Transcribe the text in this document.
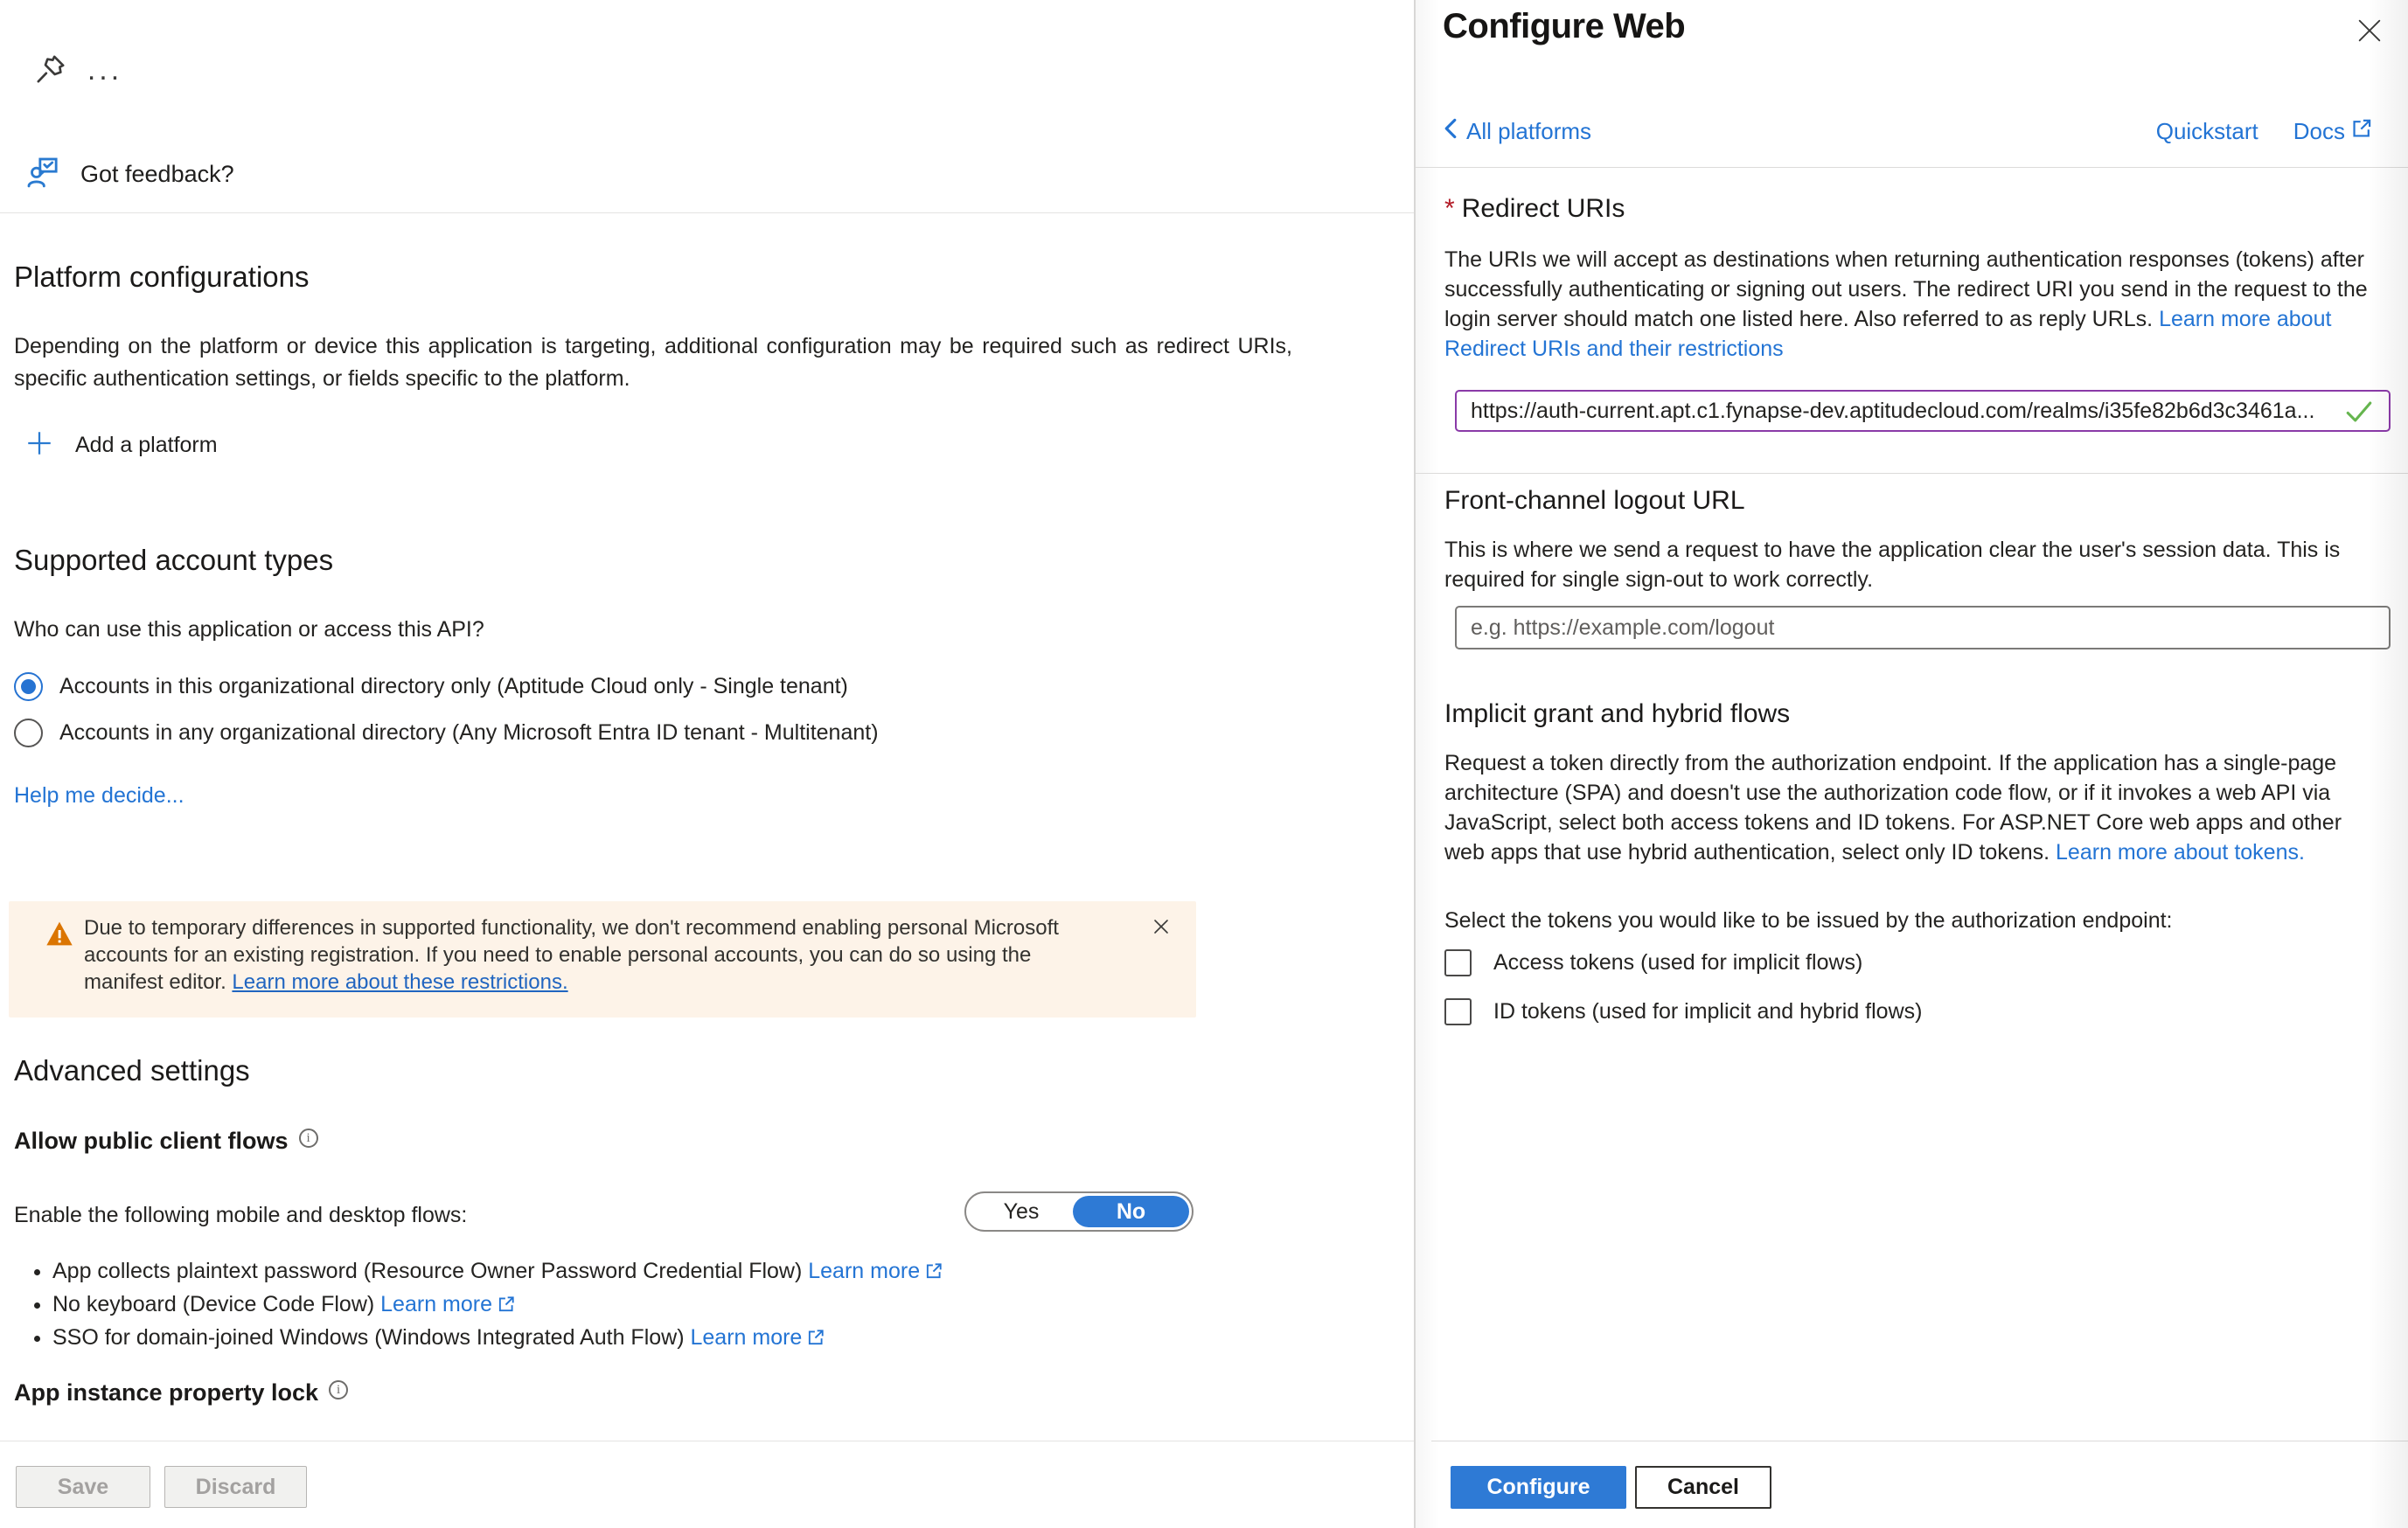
...
Got feedback?
Platform configurations
Depending on the platform or device this application is targeting, additional configuration may be required such as redirect URIs, specific authentication settings, or fields specific to the platform.
Add a platform
Supported account types
Who can use this application or access this API?
Accounts in this organizational directory only (Aptitude Cloud only - Single tenant)
Accounts in any organizational directory (Any Microsoft Entra ID tenant - Multitenant)
Help me decide...
Due to temporary differences in supported functionality, we don't recommend enabling personal Microsoft accounts for an existing registration. If you need to enable personal accounts, you can do so using the manifest editor. Learn more about these restrictions.
Advanced settings
Allow public client flows	i
Enable the following mobile and desktop flows:	Yes	No
• App collects plaintext password (Resource Owner Password Credential Flow) Learn more
• No keyboard (Device Code Flow) Learn more
• SSO for domain-joined Windows (Windows Integrated Auth Flow) Learn more
App instance property lock	i
Save	Discard
Configure Web
All platforms	Quickstart Docs
* Redirect URIs
The URIs we will accept as destinations when returning authentication responses (tokens) after successfully authenticating or signing out users. The redirect URI you send in the request to the login server should match one listed here. Also referred to as reply URLs. Learn more about Redirect URIs and their restrictions
https://auth-current.apt.c1.fynapse-dev.aptitudecloud.com/realms/i35fe82b6d3c3461a...
Front-channel logout URL
This is where we send a request to have the application clear the user's session data. This is required for single sign-out to work correctly.
e.g. https://example.com/logout
Implicit grant and hybrid flows
Request a token directly from the authorization endpoint. If the application has a single-page architecture (SPA) and doesn't use the authorization code flow, or if it invokes a web API via JavaScript, select both access tokens and ID tokens. For ASP.NET Core web apps and other web apps that use hybrid authentication, select only ID tokens. Learn more about tokens.
Select the tokens you would like to be issued by the authorization endpoint:
Access tokens (used for implicit flows)
ID tokens (used for implicit and hybrid flows)
Configure	Cancel
